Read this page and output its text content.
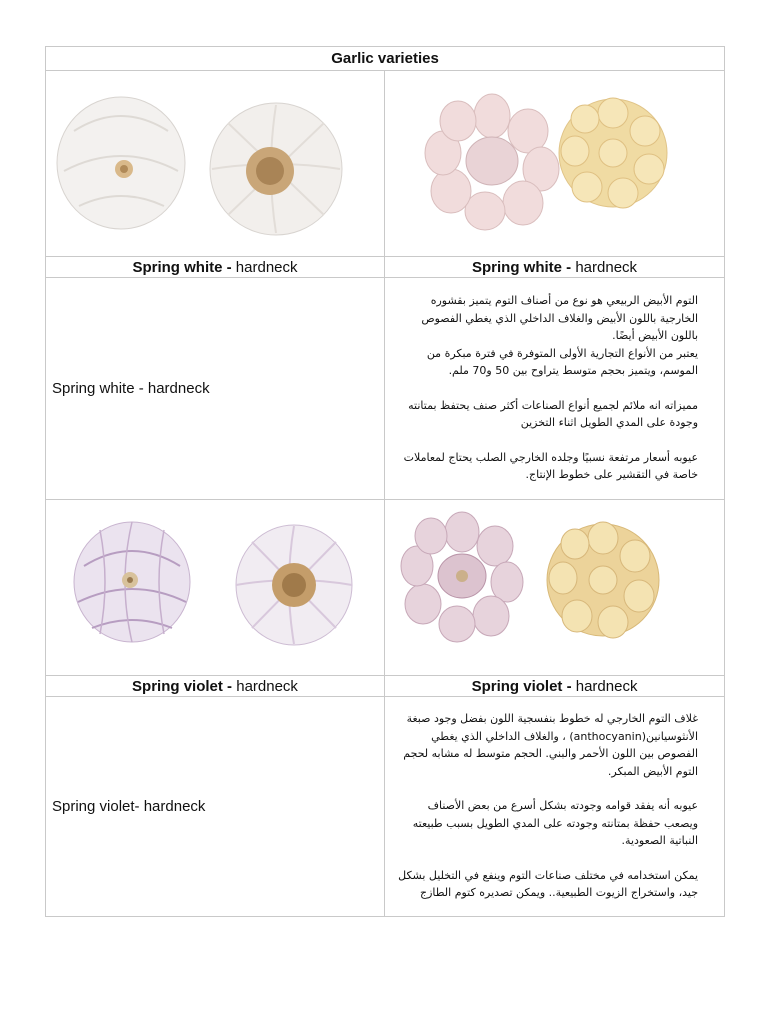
Garlic varieties	

Spring white - hardneck	Spring white - hardneck
Spring white - hardneck	التوم الأبيض الربيعي هو نوع من أصناف التوم يتميز بقشوره الخارجية باللون الأبيض والغلاف الداخلي الذي يغطي الفصوص باللون الأبيض أيضًا.
يعتبر من الأنواع التجارية الأولى المتوفرة في فترة مبكرة من الموسم، ويتميز بحجم متوسط يتراوح بين 50 و70 ملم.

مميزاته انه ملائم لجميع أنواع الصناعات أكثر صنف يحتفظ بمتانته وجودة على المدي الطويل اثناء التخزين

عيوبه أسعار مرتفعة نسبيًا وجلده الخارجي الصلب يحتاج لمعاملات خاصة في التقشير على خطوط الإنتاج.

Spring violet - hardneck	Spring violet - hardneck
Spring violet- hardneck	غلاف التوم الخارجي له خطوط بنفسجية اللون بفضل وجود صبغة الأنثوسيانين(anthocyanin) ، والغلاف الداخلي الذي يغطي الفصوص بين اللون الأحمر والبني. الحجم متوسط له مشابه لحجم التوم الأبيض المبكر.

عيوبه أنه يفقد قوامه وجودته بشكل أسرع من بعض الأصناف ويصعب حفظة بمتانته وجودته على المدي الطويل بسبب طبيعته النباتية الصعودية.

يمكن استخدامه في مختلف صناعات التوم وينفع في التخليل بشكل جيد، واستخراج الزيوت الطبيعية.. ويمكن تصديره كتوم الطازج
